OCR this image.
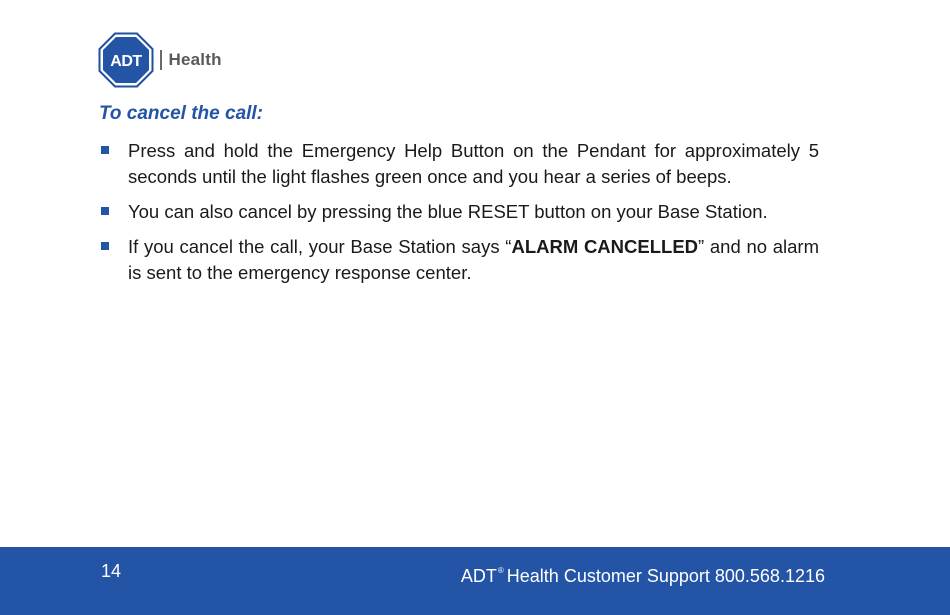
ADT Health
To cancel the call:
Press and hold the Emergency Help Button on the Pendant for approximately 5 seconds until the light flashes green once and you hear a series of beeps.
You can also cancel by pressing the blue RESET button on your Base Station.
If you cancel the call, your Base Station says “ALARM CANCELLED” and no alarm is sent to the emergency response center.
14	ADT® Health Customer Support 800.568.1216
